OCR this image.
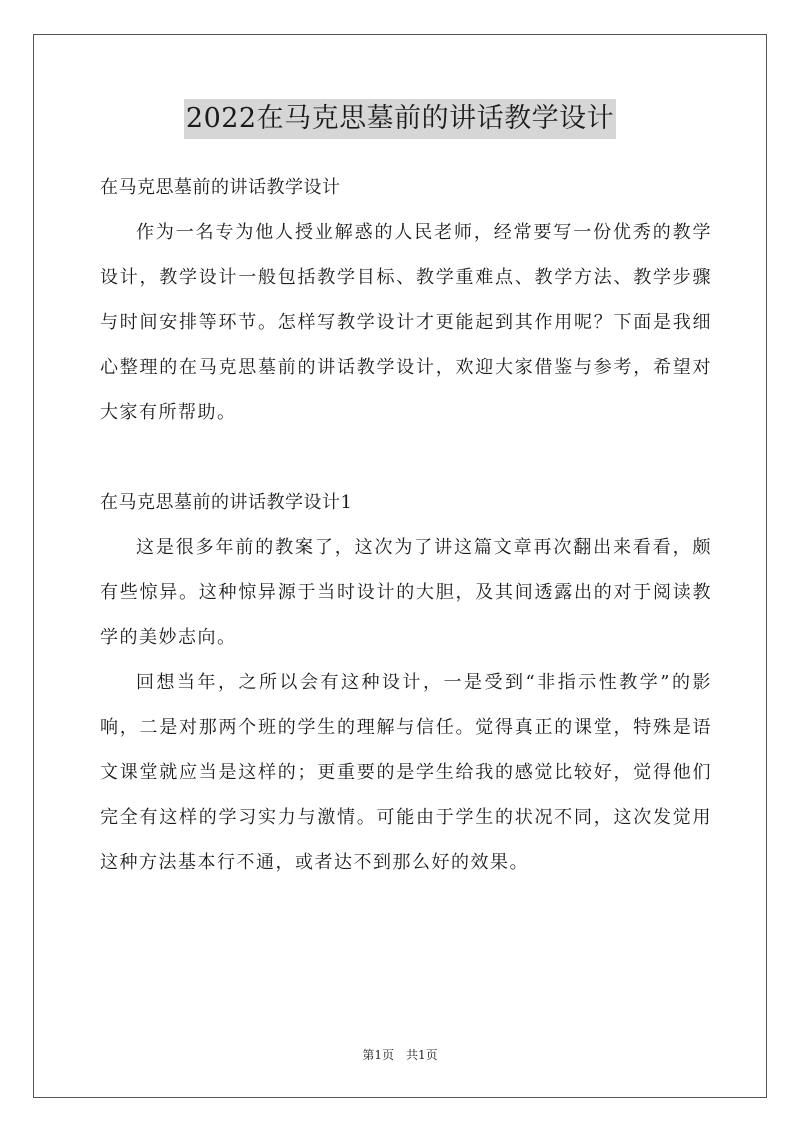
2022在马克思墓前的讲话教学设计

在马克思墓前的讲话教学设计

作为一名专为他人授业解惑的人民老师，经常要写一份优秀的教学设计，教学设计一般包括教学目标、教学重难点、教学方法、教学步骤与时间安排等环节。怎样写教学设计才更能起到其作用呢？下面是我细心整理的在马克思墓前的讲话教学设计，欢迎大家借鉴与参考，希望对大家有所帮助。

在马克思墓前的讲话教学设计1

这是很多年前的教案了，这次为了讲这篇文章再次翻出来看看，颇有些惊异。这种惊异源于当时设计的大胆，及其间透露出的对于阅读教学的美妙志向。

回想当年，之所以会有这种设计，一是受到“非指示性教学”的影响，二是对那两个班的学生的理解与信任。觉得真正的课堂，特殊是语文课堂就应当是这样的；更重要的是学生给我的感觉比较好，觉得他们完全有这样的学习实力与激情。可能由于学生的状况不同，这次发觉用这种方法基本行不通，或者达不到那么好的效果。

第1页　共1页
